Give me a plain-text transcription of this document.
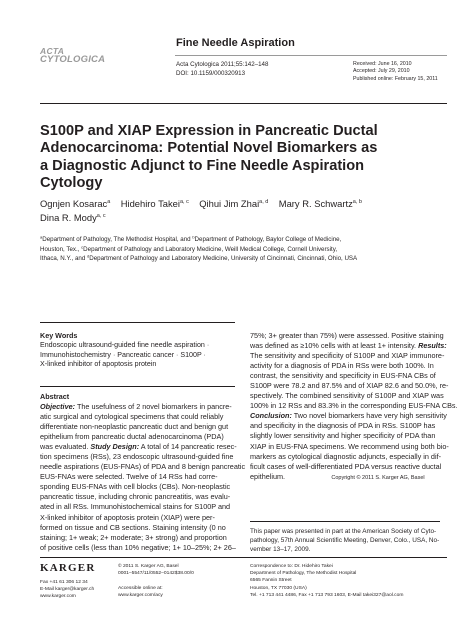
ACTA
CYTOLOGICA
Fine Needle Aspiration
Acta Cytologica 2011;55:142–148
DOI: 10.1159/000320913
Received: June 16, 2010
Accepted: July 29, 2010
Published online: February 15, 2011
S100P and XIAP Expression in Pancreatic Ductal
Adenocarcinoma: Potential Novel Biomarkers as
a Diagnostic Adjunct to Fine Needle Aspiration
Cytology
Ognjen Kosarac$^a$ Hidehiro Takei$^{a, c}$ Qihui Jim Zhai$^{a, d}$ Mary R. Schwartz$^{a, b}$
Dina R. Mody$^{a, c}$
$^a$Department of Pathology, The Methodist Hospital, and $^b$Department of Pathology, Baylor College of Medicine,
Houston, Tex., $^c$Department of Pathology and Laboratory Medicine, Weill Medical College, Cornell University,
Ithaca, N.Y., and $^d$Department of Pathology and Laboratory Medicine, University of Cincinnati, Cincinnati, Ohio, USA
Key Words
Endoscopic ultrasound-guided fine needle aspiration ·
Immunohistochemistry · Pancreatic cancer · S100P ·
X-linked inhibitor of apoptosis protein
Abstract
Objective: The usefulness of 2 novel biomarkers in pancre-
atic surgical and cytological specimens that could reliably
differentiate non-neoplastic pancreatic duct and benign gut
epithelium from pancreatic ductal adenocarcinoma (PDA)
was evaluated. Study Design: A total of 14 pancreatic resec-
tion specimens (RSs), 23 endoscopic ultrasound-guided fine
needle aspirations (EUS-FNAs) of PDA and 8 benign pancreatic
EUS-FNAs were selected. Twelve of 14 RSs had corre-
sponding EUS-FNAs with cell blocks (CBs). Non-neoplastic
pancreatic tissue, including chronic pancreatitis, was evalu-
ated in all RSs. Immunohistochemical stains for S100P and
X-linked inhibitor of apoptosis protein (XIAP) were per-
formed on tissue and CB sections. Staining intensity (0 no
staining; 1+ weak; 2+ moderate; 3+ strong) and proportion
of positive cells (less than 10% negative; 1+ 10–25%; 2+ 26–
75%; 3+ greater than 75%) were assessed. Positive staining
was defined as ≥10% cells with at least 1+ intensity. Results:
The sensitivity and specificity of S100P and XIAP immunore-
activity for a diagnosis of PDA in RSs were both 100%. In
contrast, the sensitivity and specificity in EUS-FNA CBs of
S100P were 78.2 and 87.5% and of XIAP 82.6 and 50.0%, re-
spectively. The combined sensitivity of S100P and XIAP was
100% in 12 RSs and 83.3% in the corresponding EUS-FNA CBs.
Conclusion: Two novel biomarkers have very high sensitivity
and specificity in the diagnosis of PDA in RSs. S100P has
slightly lower sensitivity and higher specificity of PDA than
XIAP in EUS-FNA specimens. We recommend using both bio-
markers as cytological diagnostic adjuncts, especially in dif-
ficult cases of well-differentiated PDA versus reactive ductal
epithelium.	Copyright © 2011 S. Karger AG, Basel
This paper was presented in part at the American Society of Cyto-
pathology, 57th Annual Scientific Meeting, Denver, Colo., USA, No-
vember 13–17, 2009.
KARGER
Fax +41 61 306 12 34
E-Mail karger@karger.ch
www.karger.com
© 2011 S. Karger AG, Basel
0001–5547/11/0552–0142$38.00/0

Accessible online at:
www.karger.com/acy
Correspondence to: Dr. Hidehiro Takei
Department of Pathology, The Methodist Hospital
6565 Fannin Street
Houston, TX 77030 (USA)
Tel. +1 713 441 4486, Fax +1 713 793 1603, E-Mail takei327@aol.com
